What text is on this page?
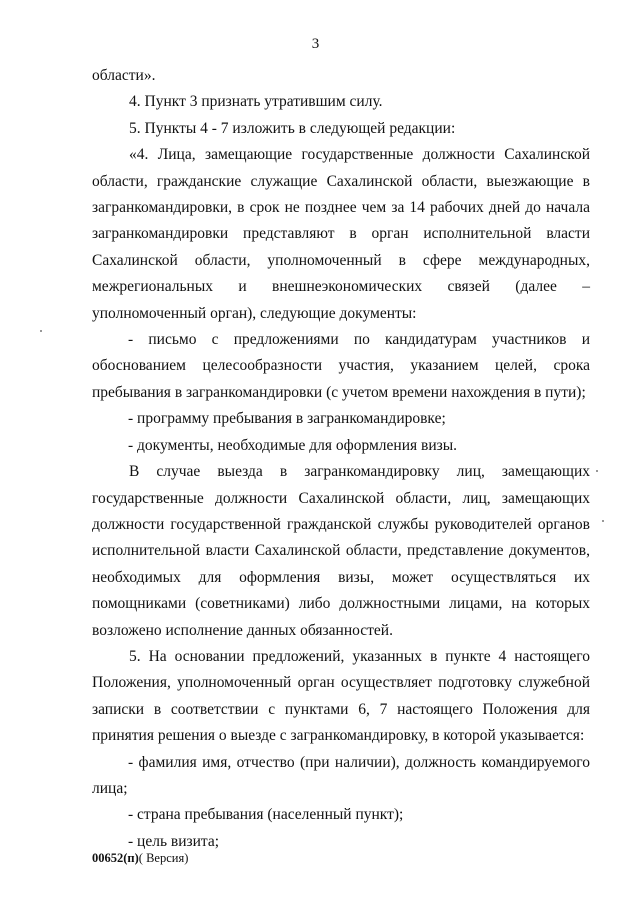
3

области».

4. Пункт 3 признать утратившим силу.

5. Пункты 4 - 7 изложить в следующей редакции:

«4. Лица, замещающие государственные должности Сахалинской области, гражданские служащие Сахалинской области, выезжающие в загранкомандировки, в срок не позднее чем за 14 рабочих дней до начала загранкомандировки представляют в орган исполнительной власти Сахалинской области, уполномоченный в сфере международных, межрегиональных и внешнеэкономических связей (далее – уполномоченный орган), следующие документы:

- письмо с предложениями по кандидатурам участников и обоснованием целесообразности участия, указанием целей, срока пребывания в загранкомандировки (с учетом времени нахождения в пути);

- программу пребывания в загранкомандировке;

- документы, необходимые для оформления визы.

В случае выезда в загранкомандировку лиц, замещающих государственные должности Сахалинской области, лиц, замещающих должности государственной гражданской службы руководителей органов исполнительной власти Сахалинской области, представление документов, необходимых для оформления визы, может осуществляться их помощниками (советниками) либо должностными лицами, на которых возложено исполнение данных обязанностей.

5. На основании предложений, указанных в пункте 4 настоящего Положения, уполномоченный орган осуществляет подготовку служебной записки в соответствии с пунктами 6, 7 настоящего Положения для принятия решения о выезде с загранкомандировку, в которой указывается:

- фамилия имя, отчество (при наличии), должность командируемого лица;

- страна пребывания (населенный пункт);

- цель визита;

00652(п)( Версия)
